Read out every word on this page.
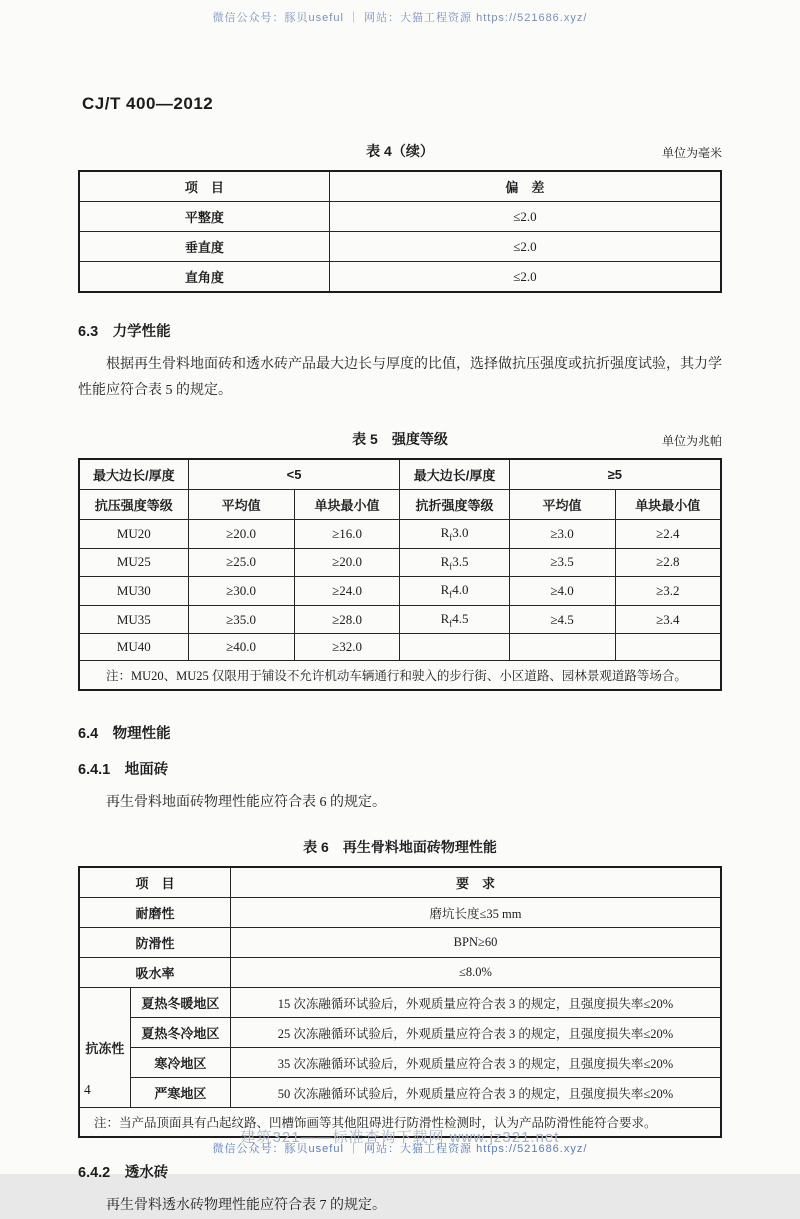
微信公众号：豚贝useful ｜ 网站：大猫工程资源 https://521686.xyz/
CJ/T 400—2012
表 4（续）	单位为毫米
项　目	偏　差
平整度	≤2.0
垂直度	≤2.0
直角度	≤2.0
6.3　力学性能

根据再生骨料地面砖和透水砖产品最大边长与厚度的比值，选择做抗压强度或抗折强度试验，其力学性能应符合表 5 的规定。

表 5　强度等级	单位为兆帕
最大边长/厚度	<5		最大边长/厚度	≥5	
抗压强度等级	平均值	单块最小值	抗折强度等级	平均值	单块最小值
MU20	≥20.0	≥16.0	$R_f3.0$	≥3.0	≥2.4
MU25	≥25.0	≥20.0	$R_f3.5$	≥3.5	≥2.8
MU30	≥30.0	≥24.0	$R_f4.0$	≥4.0	≥3.2
MU35	≥35.0	≥28.0	$R_f4.5$	≥4.5	≥3.4
MU40	≥40.0	≥32.0			
注：MU20、MU25 仅限用于铺设不允许机动车辆通行和驶入的步行街、小区道路、园林景观道路等场合。					
6.4　物理性能
6.4.1　地面砖

再生骨料地面砖物理性能应符合表 6 的规定。

表 6　再生骨料地面砖物理性能
项　目		要　求
耐磨性		磨坑长度≤35 mm
防滑性		BPN≥60
吸水率		≤8.0%
抗冻性	夏热冬暖地区	15 次冻融循环试验后，外观质量应符合表 3 的规定，且强度损失率≤20%
	夏热冬冷地区	25 次冻融循环试验后，外观质量应符合表 3 的规定，且强度损失率≤20%
	寒冷地区	35 次冻融循环试验后，外观质量应符合表 3 的规定，且强度损失率≤20%
	严寒地区	50 次冻融循环试验后，外观质量应符合表 3 的规定，且强度损失率≤20%
注：当产品顶面具有凸起纹路、凹槽饰画等其他阻碍进行防滑性检测时，认为产品防滑性能符合要求。		
6.4.2　透水砖

再生骨料透水砖物理性能应符合表 7 的规定。

4
建筑321——标准查询下载网 www.jz321.net
微信公众号：豚贝useful ｜ 网站：大猫工程资源 https://521686.xyz/
